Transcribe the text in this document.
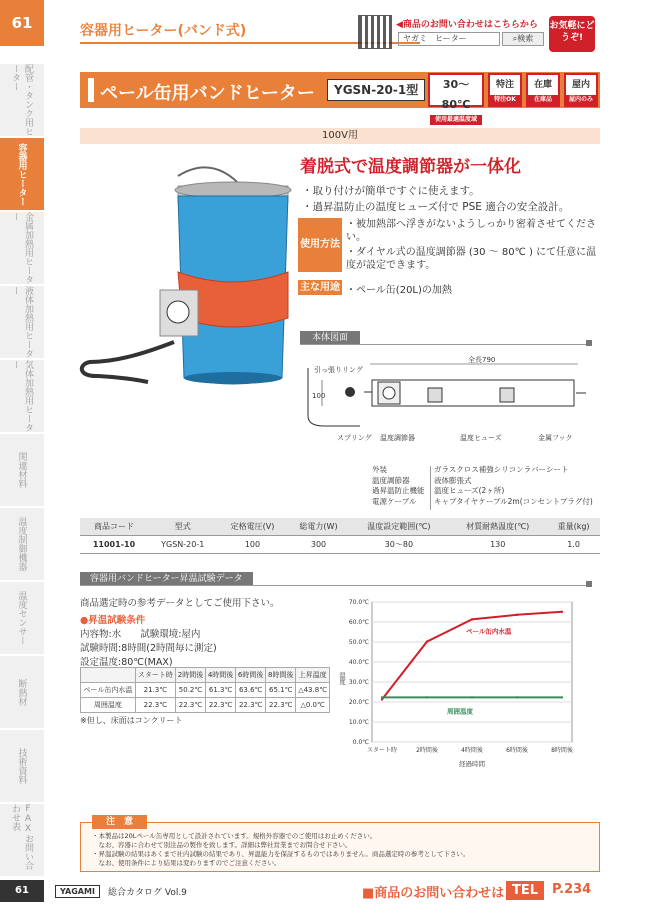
61	容器用ヒーター(バンド式)	◀商品のお問い合わせはこちらから
ヤガミ　 ヒーター	⌕検索
お気軽にどうぞ!
配管・タンク用ヒーター
容器用ヒーター
金属加熱用ヒーター
液体加熱用ヒーター
気体加熱用ヒーター
関連材料
温度制御機器
温度センサー
断熱材
技術資料
FAXお問い合わせ表
ペール缶用バンドヒーター	YGSN-20-1型	30〜80℃
使用最適温度域
特注
特注OK
在庫
在庫品
屋内
屋内のみ
100V用
着脱式で温度調節器が一体化
・取り付けが簡単ですぐに使えます。
・過昇温防止の温度ヒューズ付で PSE 適合の安全設計。
使用方法
・被加熱部へ浮きがないようしっかり密着させてください。
・ダイヤル式の温度調節器 (30 〜 80℃ ) にて任意に温度が設定できます。
主な用途 ・ペール缶(20L)の加熱
本体図面
全長790
100
引っ張りリング
スプリング 温度調節器	温度ヒューズ	金属フック
外装	ガラスクロス補強シリコンラバーシート
温度調節器	液体膨張式
過昇温防止機能	温度ヒューズ(2ヶ所)
電源ケーブル	キャブタイヤケーブル2m(コンセントプラグ付)
商品コード	型式	定格電圧(V)	総電力(W)	温度設定範囲(℃)	材質耐熱温度(℃)	重量(kg)
11001-10	YGSN-20-1	100	300	30〜80	130	1.0
容器用バンドヒーター昇温試験データ
商品選定時の参考データとしてご使用下さい。
●昇温試験条件
内容物:水　　試験環境:屋内
試験時間:8時間(2時間毎に測定)
設定温度:80℃(MAX)
	スタート時	2時間後	4時間後	6時間後	8時間後	上昇温度
ペール缶内水温	21.3℃	50.2℃	61.3℃	63.6℃	65.1℃	△43.8℃
周囲温度	22.3℃	22.3℃	22.3℃	22.3℃	22.3℃	△0.0℃
※但し、床面はコンクリート
0.0℃
10.0℃
20.0℃
30.0℃
40.0℃
50.0℃
60.0℃
70.0℃
スタート時	2時間後	4時間後	6時間後	8時間後
経過時間
温度
ペール缶内水温
周囲温度
注　意
・本製品は20Lペール缶専用として設計されています。規格外容器でのご使用はお止めください。
　なお、容器に合わせて別注品の製作を致します。詳細は弊社営業までお問合せ下さい。
・昇温試験の結果はあくまで社内試験の結果であり、昇温能力を保証するものではありません。商品選定時の参考として下さい。
　なお、使用条件により結果は変わりますのでご注意ください。
61	YAGAMI	総合カタログ Vol.9	■商品のお問い合わせは TEL	P.234
